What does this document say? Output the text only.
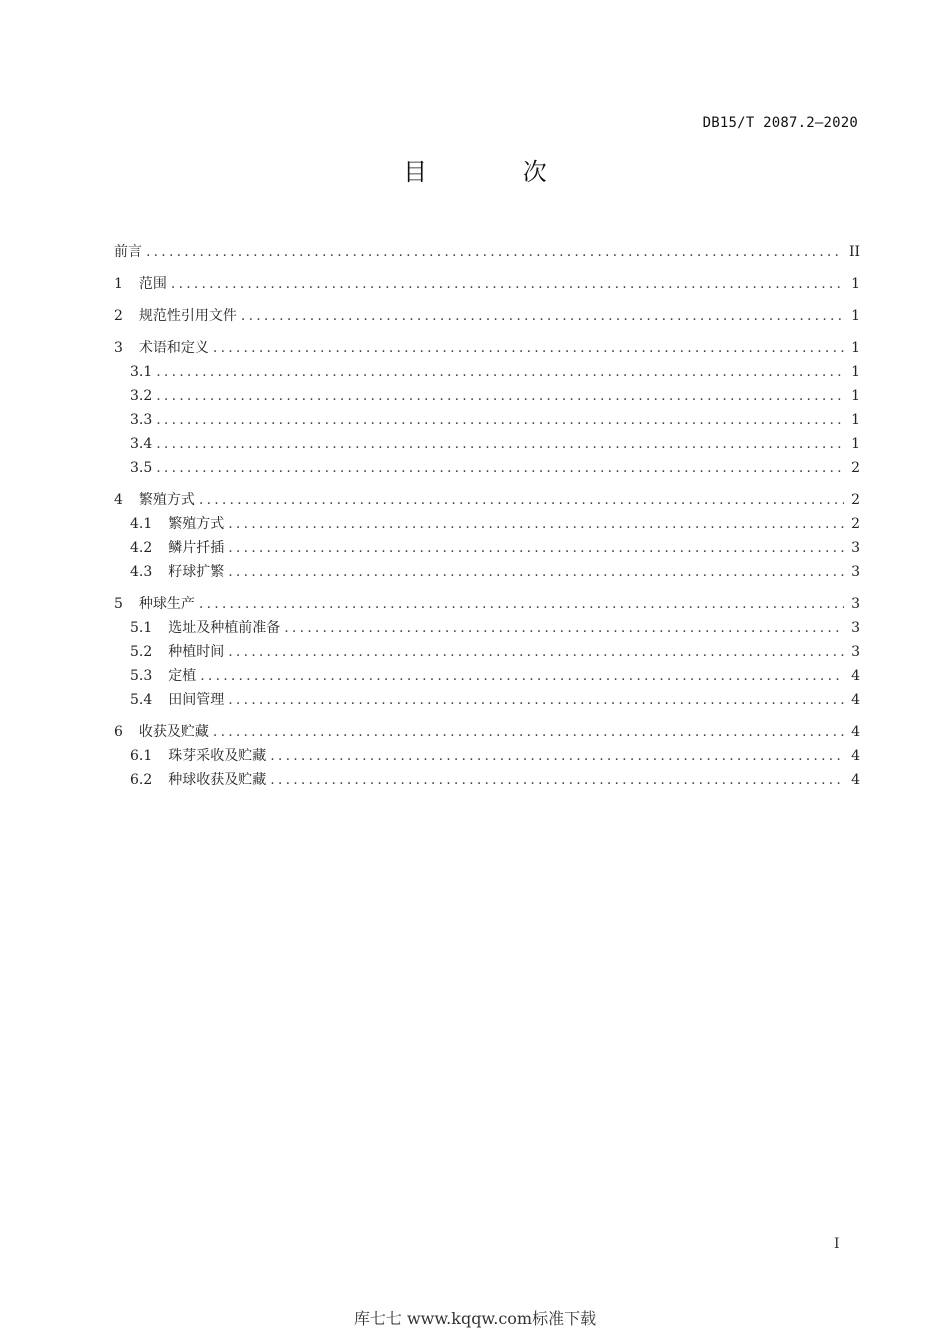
DB15/T 2087.2—2020
目 次
前言 .....	II
1 范围 .....	1
2 规范性引用文件 .....	1
3 术语和定义 .....	1
3.1 .....	1
3.2 .....	1
3.3 .....	1
3.4 .....	1
3.5 .....	2
4 繁殖方式 .....	2
4.1 繁殖方式 .....	2
4.2 鳞片扦插 .....	3
4.3 籽球扩繁 .....	3
5 种球生产 .....	3
5.1 选址及种植前准备 .....	3
5.2 种植时间 .....	3
5.3 定植 .....	4
5.4 田间管理 .....	4
6 收获及贮藏 .....	4
6.1 珠芽采收及贮藏 .....	4
6.2 种球收获及贮藏 .....	4
I
库七七 www.kqqw.com标准下载
